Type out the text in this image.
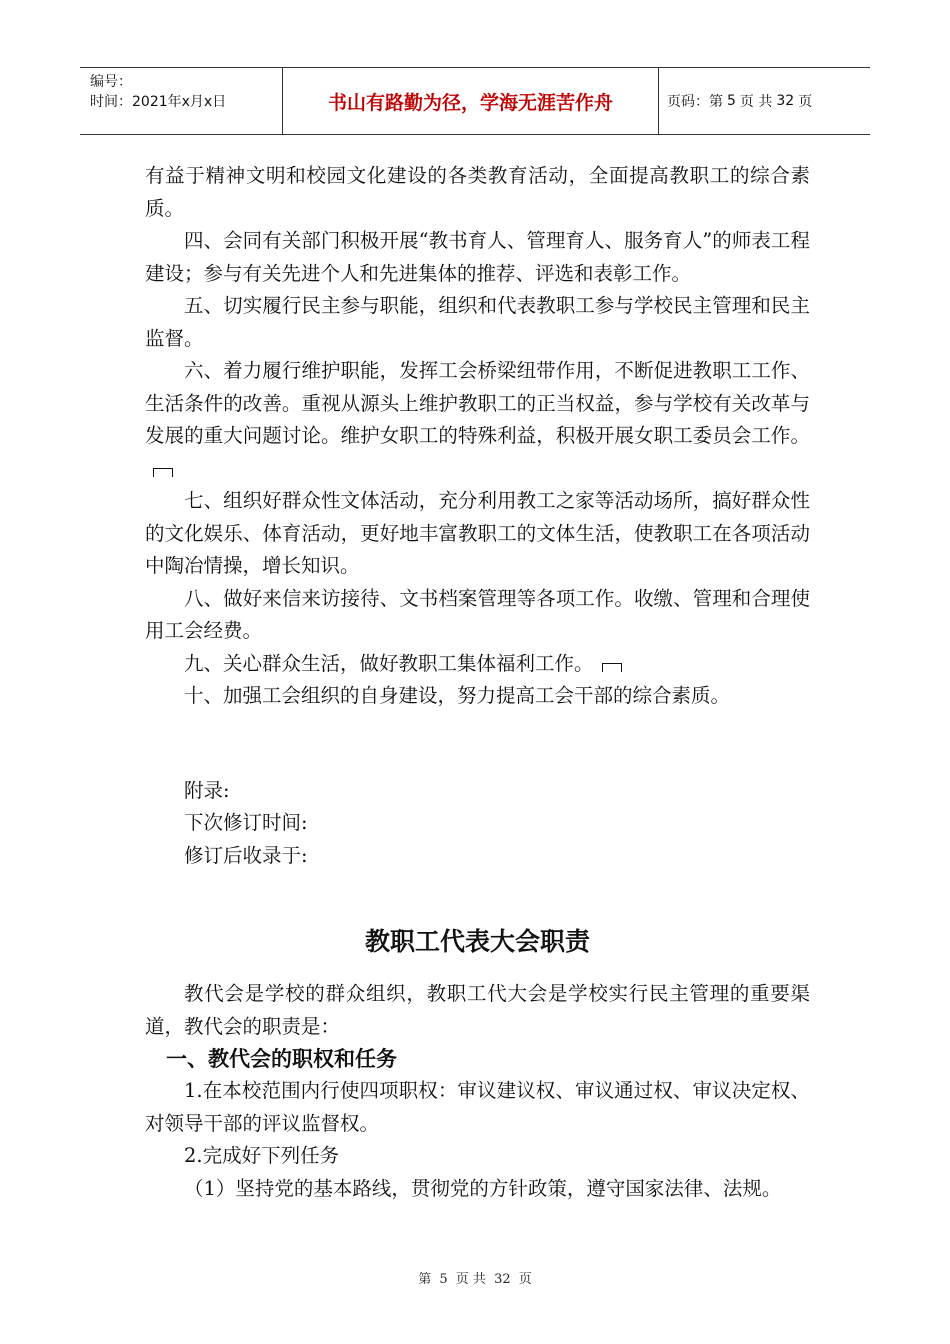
编号：
时间：2021年x月x日	书山有路勤为径，学海无涯苦作舟	页码：第 5 页 共 32 页

有益于精神文明和校园文化建设的各类教育活动，全面提高教职工的综合素质。

四、会同有关部门积极开展“教书育人、管理育人、服务育人”的师表工程建设；参与有关先进个人和先进集体的推荐、评选和表彰工作。

五、切实履行民主参与职能，组织和代表教职工参与学校民主管理和民主监督。

六、着力履行维护职能，发挥工会桥梁纽带作用，不断促进教职工工作、生活条件的改善。重视从源头上维护教职工的正当权益，参与学校有关改革与发展的重大问题讨论。维护女职工的特殊利益，积极开展女职工委员会工作。

七、组织好群众性文体活动，充分利用教工之家等活动场所，搞好群众性的文化娱乐、体育活动，更好地丰富教职工的文体生活，使教职工在各项活动中陶冶情操，增长知识。

八、做好来信来访接待、文书档案管理等各项工作。收缴、管理和合理使用工会经费。

九、关心群众生活，做好教职工集体福利工作。

十、加强工会组织的自身建设，努力提高工会干部的综合素质。

附录:

下次修订时间:

修订后收录于:

教职工代表大会职责

教代会是学校的群众组织，教职工代大会是学校实行民主管理的重要渠道，教代会的职责是：

一、教代会的职权和任务

1.在本校范围内行使四项职权：审议建议权、审议通过权、审议决定权、对领导干部的评议监督权。

2.完成好下列任务

（1）坚持党的基本路线，贯彻党的方针政策，遵守国家法律、法规。

第 5 页 共 32 页
